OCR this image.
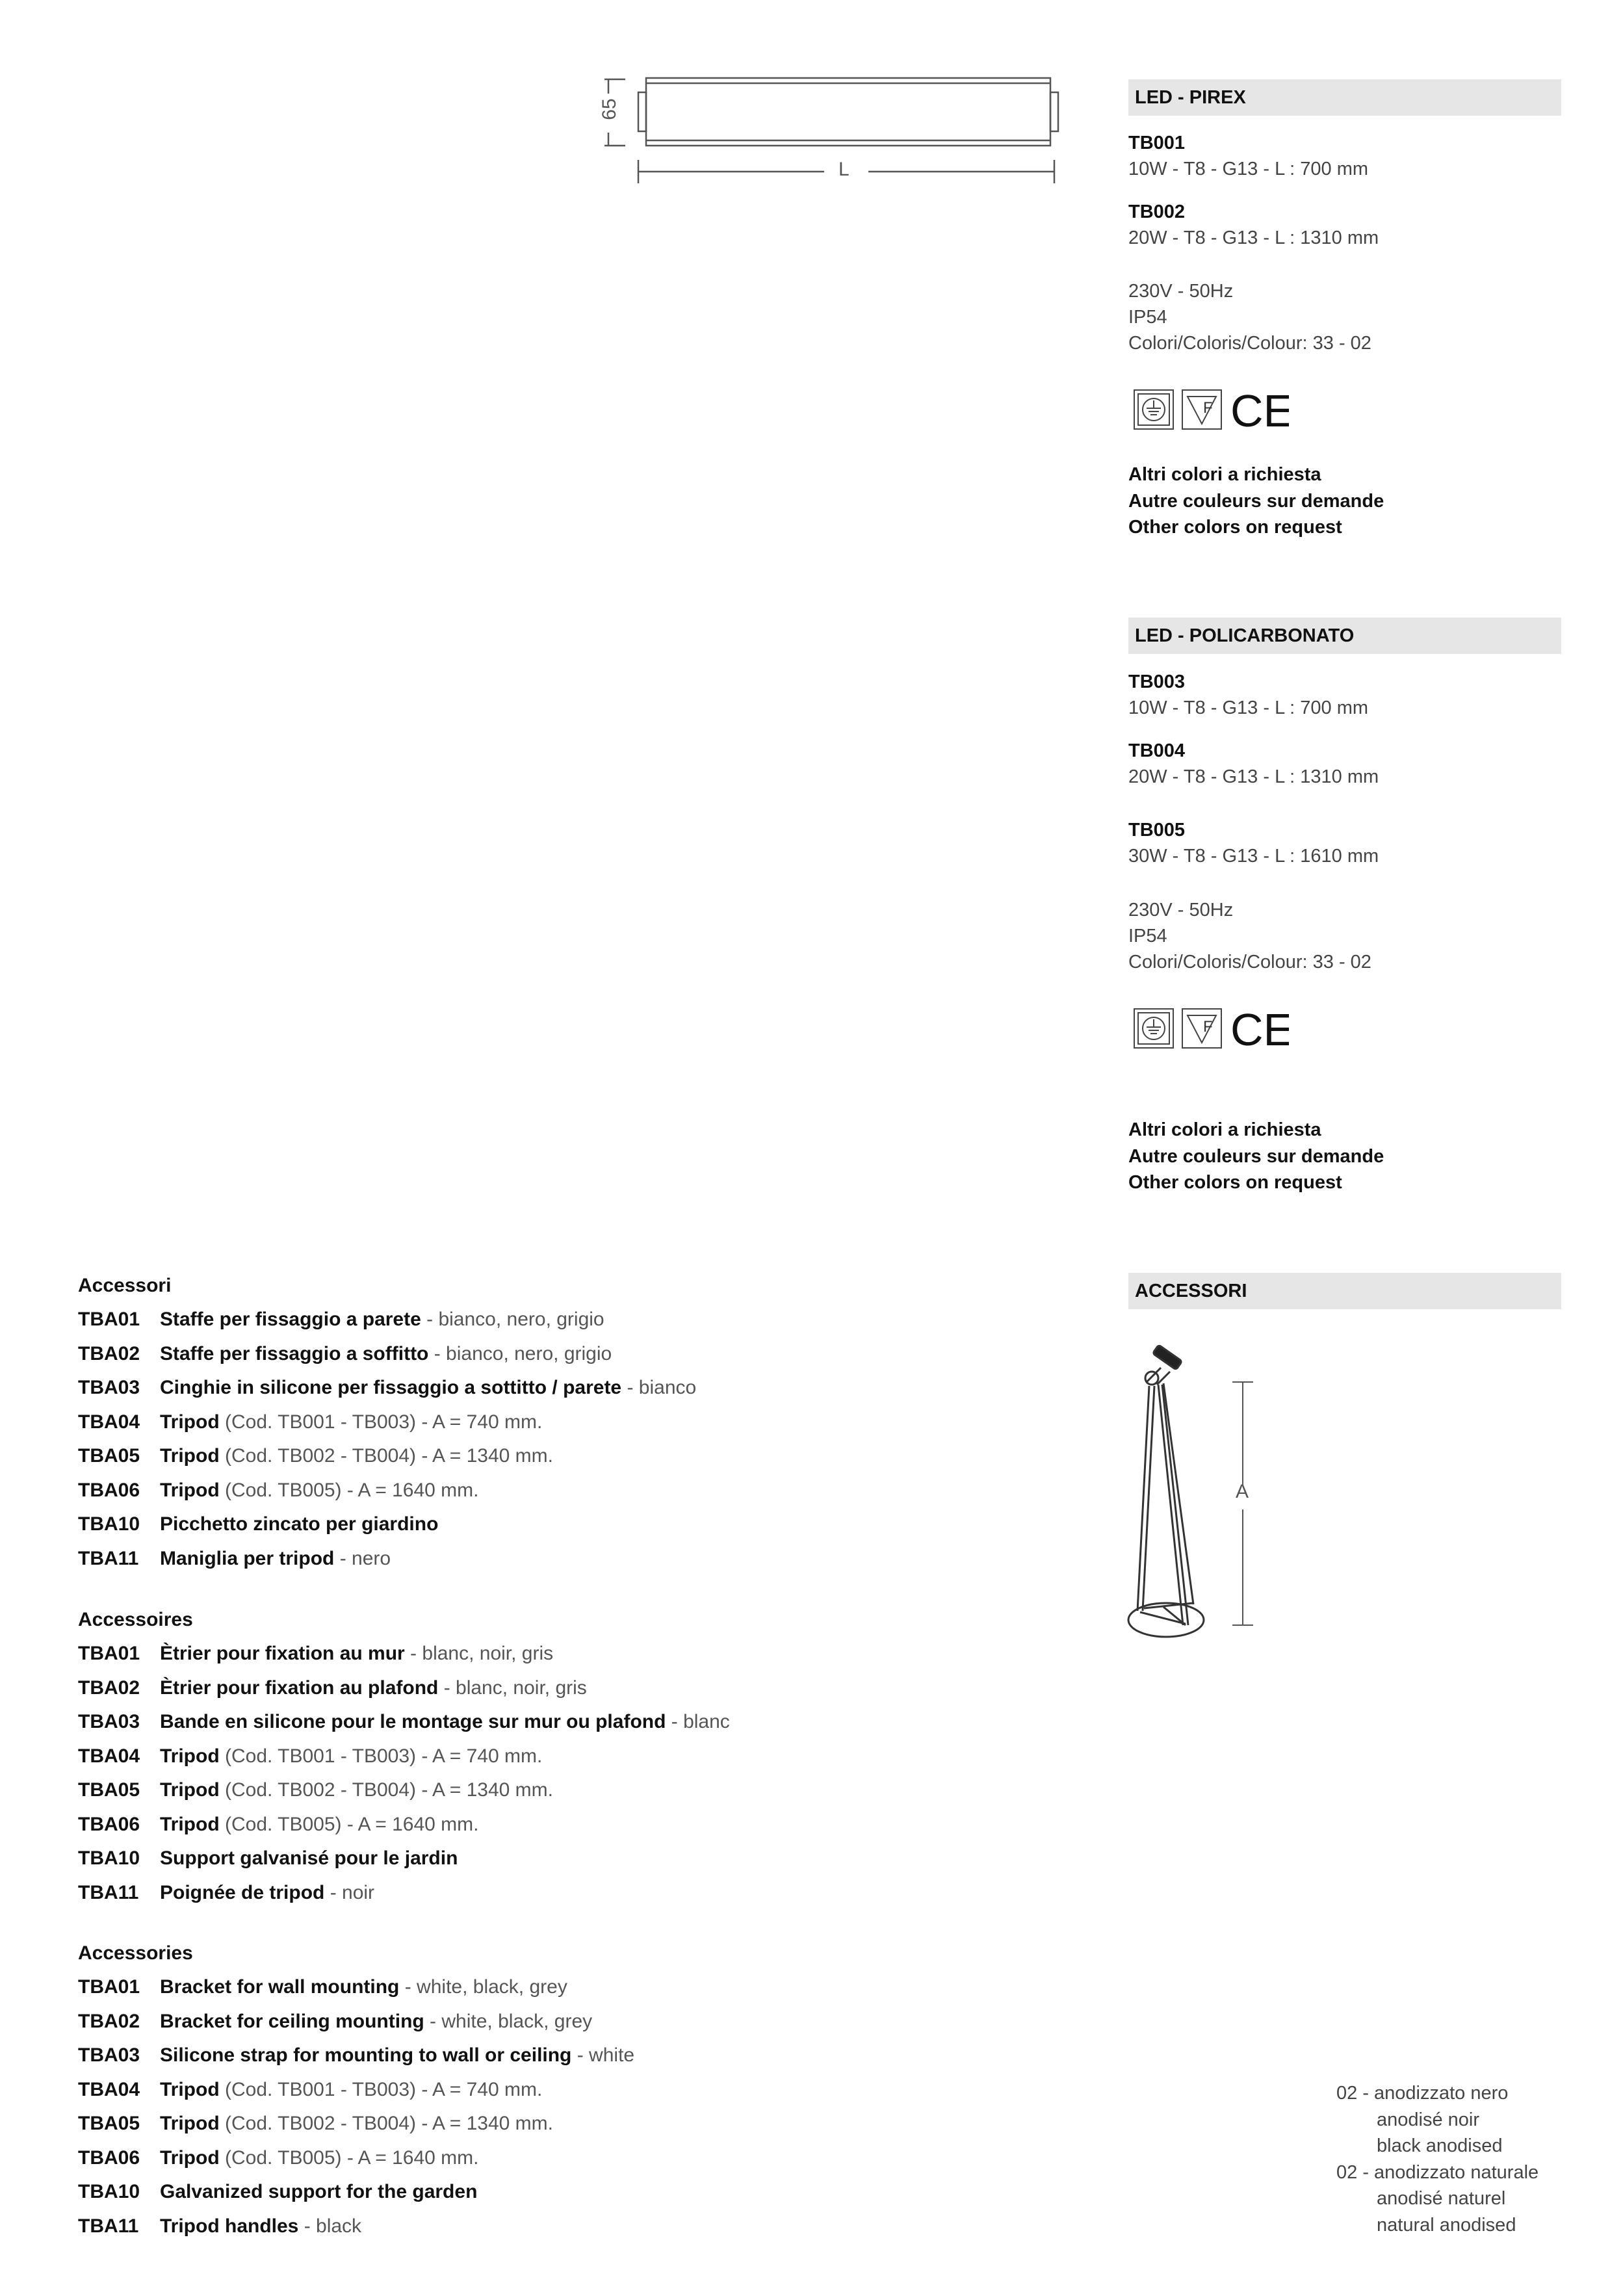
65
L
LED - PIREX
TB001
10W - T8 - G13 - L : 700 mm
TB002
20W - T8 - G13 - L : 1310 mm
230V - 50Hz
IP54
Colori/Coloris/Colour: 33 - 02
F CE
Altri colori a richiesta
Autre couleurs sur demande
Other colors on request
LED - POLICARBONATO
TB003
10W - T8 - G13 - L : 700 mm
TB004
20W - T8 - G13 - L : 1310 mm
TB005
30W - T8 - G13 - L : 1610 mm
230V - 50Hz
IP54
Colori/Coloris/Colour: 33 - 02
F CE
Altri colori a richiesta
Autre couleurs sur demande
Other colors on request
ACCESSORI
A
Accessori
TBA01 Staffe per fissaggio a parete - bianco, nero, grigio
TBA02 Staffe per fissaggio a soffitto - bianco, nero, grigio
TBA03 Cinghie in silicone per fissaggio a sottitto / parete - bianco
TBA04 Tripod (Cod. TB001 - TB003) - A = 740 mm.
TBA05 Tripod (Cod. TB002 - TB004) - A = 1340 mm.
TBA06 Tripod (Cod. TB005) - A = 1640 mm.
TBA10 Picchetto zincato per giardino
TBA11 Maniglia per tripod - nero
Accessoires
TBA01 Ètrier pour fixation au mur - blanc, noir, gris
TBA02 Ètrier pour fixation au plafond - blanc, noir, gris
TBA03 Bande en silicone pour le montage sur mur ou plafond - blanc
TBA04 Tripod (Cod. TB001 - TB003) - A = 740 mm.
TBA05 Tripod (Cod. TB002 - TB004) - A = 1340 mm.
TBA06 Tripod (Cod. TB005) - A = 1640 mm.
TBA10 Support galvanisé pour le jardin
TBA11 Poignée de tripod - noir
Accessories
TBA01 Bracket for wall mounting - white, black, grey
TBA02 Bracket for ceiling mounting - white, black, grey
TBA03 Silicone strap for mounting to wall or ceiling - white
TBA04 Tripod (Cod. TB001 - TB003) - A = 740 mm.
TBA05 Tripod (Cod. TB002 - TB004) - A = 1340 mm.
TBA06 Tripod (Cod. TB005) - A = 1640 mm.
TBA10 Galvanized support for the garden
TBA11 Tripod handles - black
02 - anodizzato nero
anodisé noir
black anodised
02 - anodizzato naturale
anodisé naturel
natural anodised
